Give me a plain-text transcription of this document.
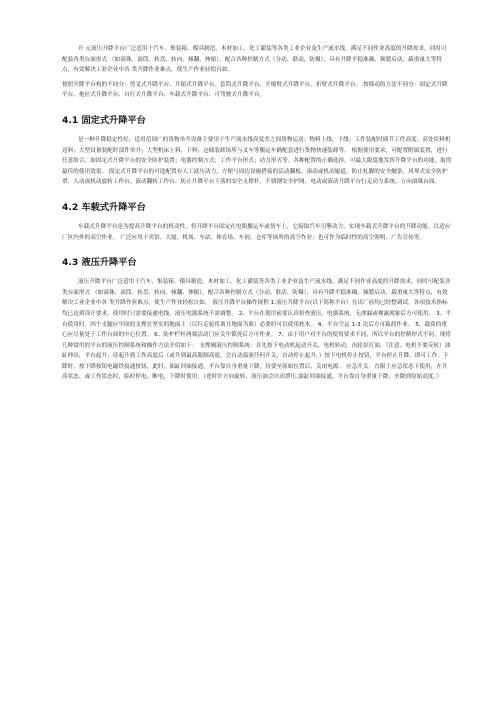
开 元液压升降平台广泛适用于汽车、集装箱、模具制造，木材加工，化工灌装等各类工业企业及生产流水线，满足不同作业高度的升降需求，同时可配装各类台面形式 （如滚珠、滚筒、转盘、转向、倾翻、伸缩），配合各种控制方式（分动、联动、防爆），具有升降平稳准确、频繁启动、载重量大等特点，有效解决工业企业中各 类升降作业难点，使生产作业轻松自如。

按照升降平台构的不同分：剪叉式升降平台、升缩式升降平台、套筒式升降平台、升缩臂式升降平台、折臂式升降平台。 按移动的方法不同分：固定式升降平台、拖拉式升降平台、自行式升降平台、车载式升降平台、可驾驶式升降平台。

4.1 固定式升降平台

是一种升降稳定性好，适用范围广的货物举升设备主要用于生产流水线高度差之间货物运送；物料上线、下线；工件装配时调节工件高度；高处给料机送料；大型设备装配时部件举升；大型机床上料、下料；仓储装卸场所与叉车等搬运车辆配套进行货物快速装卸等。 根据使用要求，可配置附属装置，进行任意组合，如固定式升降平台的安全防护装置；电器控制方式；工作平台形式；动力形式等。各种配置的正确选择，可最大限度地发挥升降平台的功能，取得最佳的使用效果。 固定式升降平台的可选配置有人工液压动力，方便与周边设施搭接的活动翻板、滚动或机动辊道、防止轧脚的安全触条、风琴式安全防护罩、人动或机动旋转工作台、液动翻转工作台、防止升降平台下落的安全支撑杆、不锈钢安全护网、电动或液动升降平台行走动力系统、万向滚珠台面。

4.2 车载式升降平台

车载式升降平台是为提高升降平台的机动性，将升降平台固定在电瓶搬运车或货车上，它接取汽车引擎动力，实现车载式升降平台的升降功能。以适应厂区内外的高空作业。 广泛应用于宾馆、大厦、机场、车站、体育场、车间、仓库等场所的高空作业；也可作为临时性的高空照明、广告宣传等。

4.3 液压升降平台

液压升降平台广泛适用于汽车、集装箱、模具制造，木材加工，化工灌装等各类工业企业及生产流水线，满足不同作业高度的升降需求，同时可配装各类台面形式 （如滚珠、滚筒、转盘、转向、倾翻、伸缩），配合各种控制方式（分动、联动、防爆），具有升降平稳准确、频繁启动、载重量大等特点，有效解决工业企业中各 类升降作业难点，使生产作业轻松自如。 液压升降平台操作规程 1.液压升降平台(以下简称平台）在出厂前均已经整调试，各项技术指标均已达到设计要求，使用时只需要接通电线，液压电器系统不需调整。 2、平台在使用前要认真检查液压、电器系统，无渗漏或裸露现象后方可使用。 3、平台使用时，四个支腿应牢固的支撑在坚实的地面上（以行走轮将离开地面为准）必要时可以使用枕木。 4、平台空运 1-3 次后方可载荷作业。 5、载荷的重心应尽量处于工作台面的中心位置。 6、防护栏杆两端活动门应关牢锁死后方可作业。 7、由于用户对平台的使用要求不同，所以平台的控制形式不同，现将几种常用的平台的液压控制系统和操作方法介绍如下： 支撑阀液压控制系统：首先按下电动机起动开关，电机转动，齿轮泵打油，（注意、电机不要反转）油缸伸出，平台起升；待起升到工作高度后（或升到最高限制高度，会自动溢流任何开关，自动停止起升。）按下电机停止按钮，平台停止升降。即可工作。下降时，按下降按钮电磁铁接通按钮，此时，油缸回油接通，平台靠自身重量下降，待要至原始位置后，关闭电源。 应急开关：直限于应急状态下使用，在升高状态、或工作状态时，临时停电、断电，下降时使用。（逆时针方向旋转，液压油会自动泄压,油缸回油接通，平台靠自身重量下降，至降到原始高度。）
